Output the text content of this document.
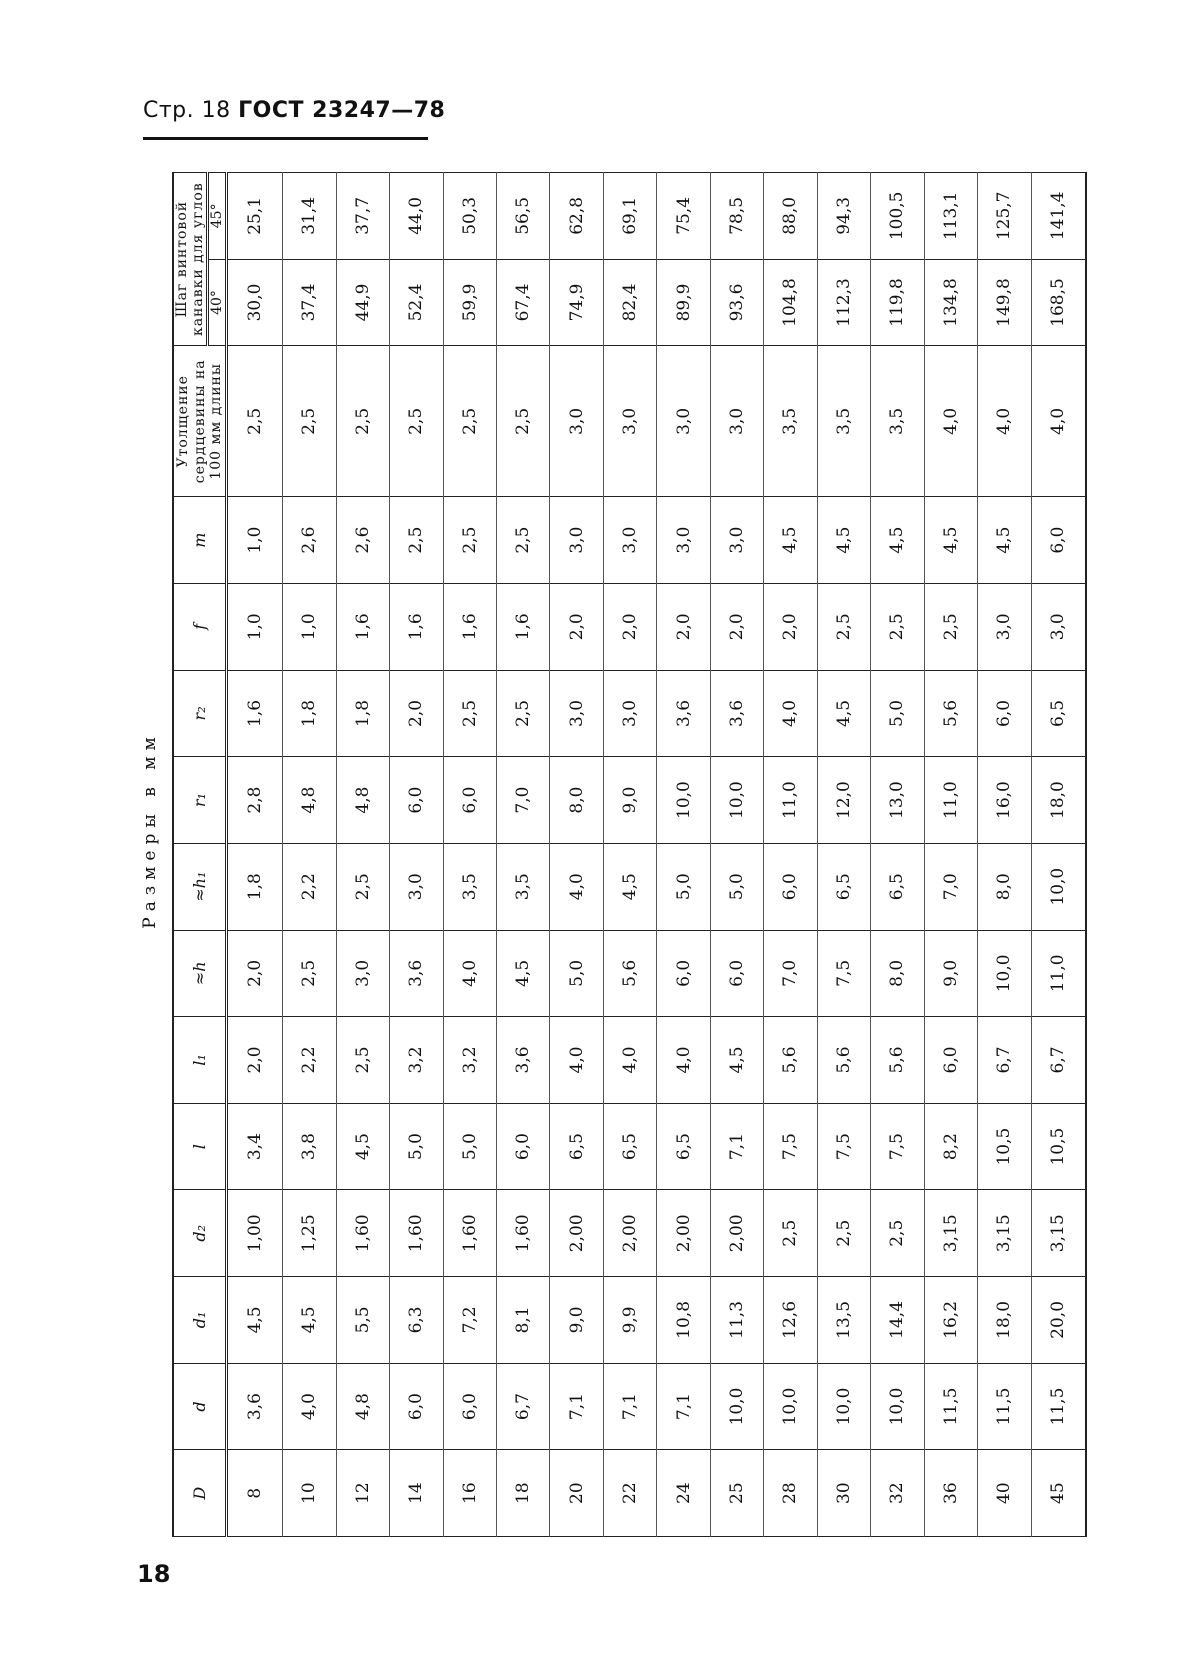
Стр. 18 ГОСТ 23247—78
Размеры в мм
D	d	d₁	d₂	l	l₁	≈h	≈h₁	r₁	r₂	f	m	Утолщение сердцевины на 100 мм длины	Шаг винтовой канавки для углов	
													40°	45°
8	3,6	4,5	1,00	3,4	2,0	2,0	1,8	2,8	1,6	1,0	1,0	2,5	30,0	25,1
10	4,0	4,5	1,25	3,8	2,2	2,5	2,2	4,8	1,8	1,0	2,6	2,5	37,4	31,4
12	4,8	5,5	1,60	4,5	2,5	3,0	2,5	4,8	1,8	1,6	2,6	2,5	44,9	37,7
14	6,0	6,3	1,60	5,0	3,2	3,6	3,0	6,0	2,0	1,6	2,5	2,5	52,4	44,0
16	6,0	7,2	1,60	5,0	3,2	4,0	3,5	6,0	2,5	1,6	2,5	2,5	59,9	50,3
18	6,7	8,1	1,60	6,0	3,6	4,5	3,5	7,0	2,5	1,6	2,5	2,5	67,4	56,5
20	7,1	9,0	2,00	6,5	4,0	5,0	4,0	8,0	3,0	2,0	3,0	3,0	74,9	62,8
22	7,1	9,9	2,00	6,5	4,0	5,6	4,5	9,0	3,0	2,0	3,0	3,0	82,4	69,1
24	7,1	10,8	2,00	6,5	4,0	6,0	5,0	10,0	3,6	2,0	3,0	3,0	89,9	75,4
25	10,0	11,3	2,00	7,1	4,5	6,0	5,0	10,0	3,6	2,0	3,0	3,0	93,6	78,5
28	10,0	12,6	2,5	7,5	5,6	7,0	6,0	11,0	4,0	2,0	4,5	3,5	104,8	88,0
30	10,0	13,5	2,5	7,5	5,6	7,5	6,5	12,0	4,5	2,5	4,5	3,5	112,3	94,3
32	10,0	14,4	2,5	7,5	5,6	8,0	6,5	13,0	5,0	2,5	4,5	3,5	119,8	100,5
36	11,5	16,2	3,15	8,2	6,0	9,0	7,0	11,0	5,6	2,5	4,5	4,0	134,8	113,1
40	11,5	18,0	3,15	10,5	6,7	10,0	8,0	16,0	6,0	3,0	4,5	4,0	149,8	125,7
45	11,5	20,0	3,15	10,5	6,7	11,0	10,0	18,0	6,5	3,0	6,0	4,0	168,5	141,4
18
